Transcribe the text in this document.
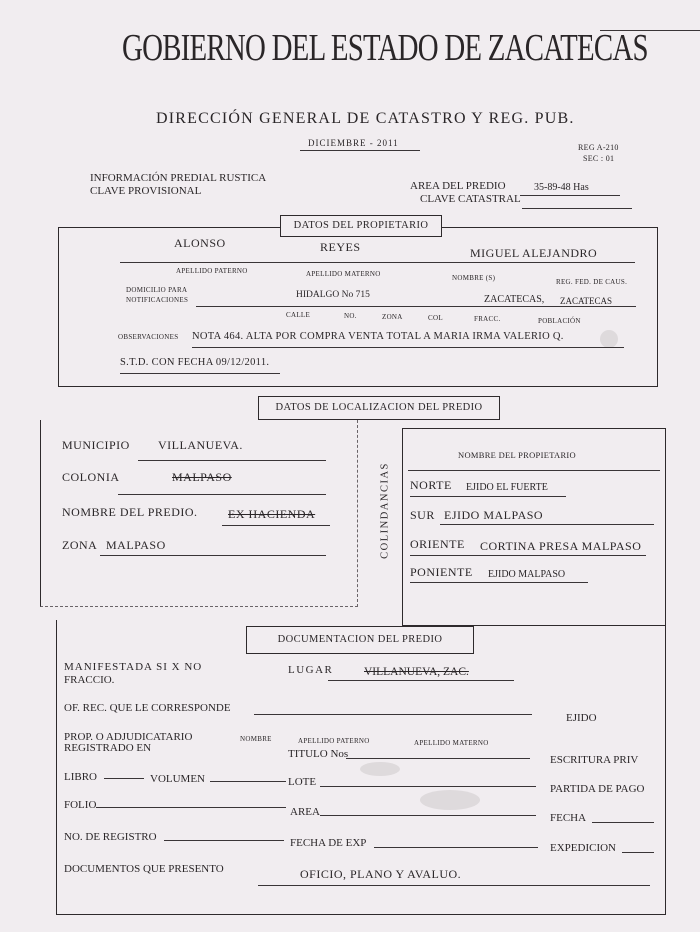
GOBIERNO DEL ESTADO DE ZACATECAS
DIRECCIÓN GENERAL DE CATASTRO Y REG. PUB.
DICIEMBRE - 2011	REG A-210
SEC : 01
INFORMACIÓN PREDIAL RUSTICA
CLAVE PROVISIONAL	AREA DEL PREDIO	35-89-48 Has
CLAVE CATASTRAL
DATOS DEL PROPIETARIO
ALONSO	REYES	MIGUEL ALEJANDRO
APELLIDO PATERNO	APELLIDO MATERNO	NOMBRE (S)	REG. FED. DE CAUS.
DOMICILIO PARA
NOTIFICACIONES	HIDALGO No 715	ZACATECAS, ZACATECAS
CALLE	NO.	ZONA	COL	FRACC.	POBLACIÓN
OBSERVACIONES NOTA 464. ALTA POR COMPRA VENTA TOTAL A MARIA IRMA VALERIO Q.
S.T.D. CON FECHA 09/12/2011.
DATOS DE LOCALIZACION DEL PREDIO
MUNICIPIO VILLANUEVA.
COLONIA	MALPASO
NOMBRE DEL PREDIO.	EX HACIENDA
ZONA MALPASO	COLINDANCIAS
NOMBRE DEL PROPIETARIO
NORTE EJIDO EL FUERTE
SUR EJIDO MALPASO
ORIENTE CORTINA PRESA MALPASO
PONIENTE EJIDO MALPASO
DOCUMENTACION DEL PREDIO
MANIFESTADA SI X NO
FRACCIO.
LUGAR	VILLANUEVA, ZAC.
OF. REC. QUE LE CORRESPONDE
EJIDO
PROP. O ADJUDICATARIO	NOMBRE	APELLIDO PATERNO	APELLIDO MATERNO
REGISTRADO EN	TITULO Nos	ESCRITURA PRIV
LIBRO	VOLUMEN	LOTE
PARTIDA DE PAGO
FOLIO
AREA	FECHA
NO. DE REGISTRO	FECHA DE EXP	EXPEDICION
DOCUMENTOS QUE PRESENTO	OFICIO, PLANO Y AVALUO.
